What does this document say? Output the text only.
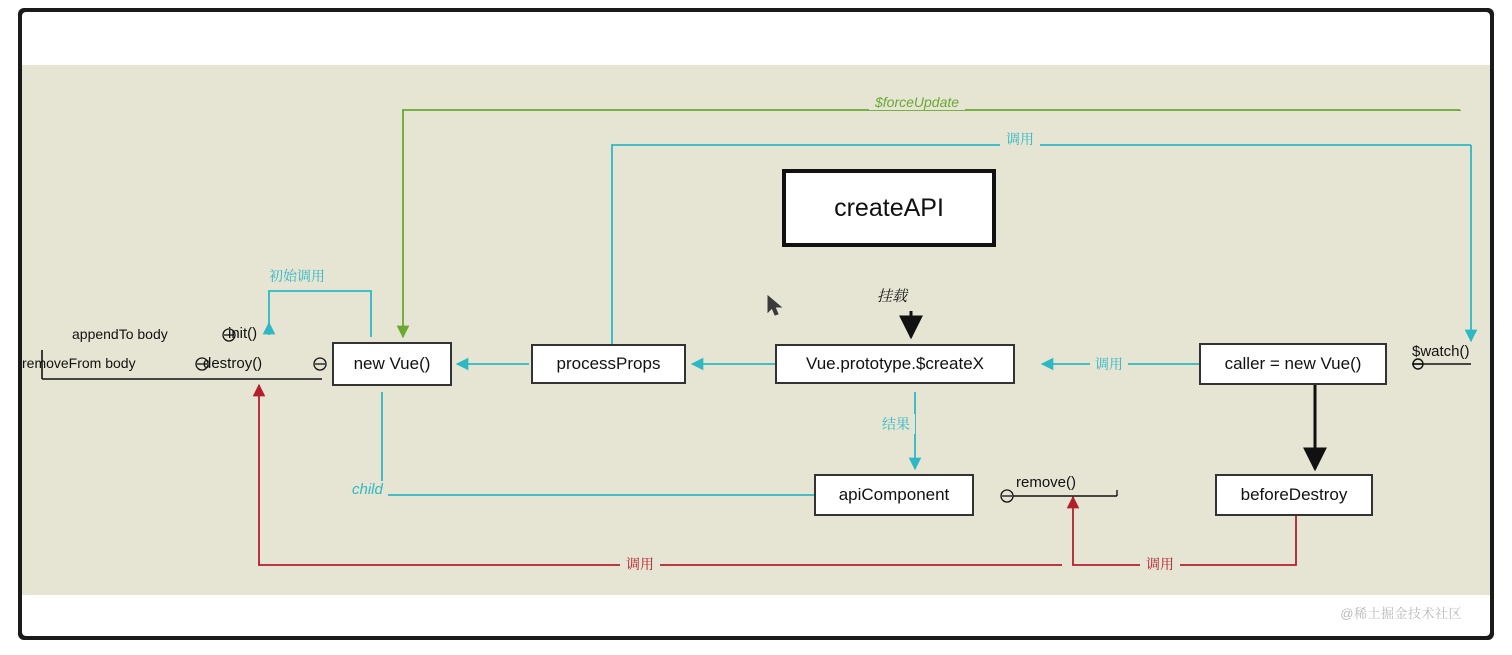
createAPI
new Vue()	processProps	Vue.prototype.$createX	caller = new Vue()
apiComponent	beforeDestroy
appendTo body	init()
removeFrom body	destroy()
$forceUpdate
调用
挂载
初始调用
调用
$watch()
结果
child	remove()
调用	调用
@稀土掘金技术社区
